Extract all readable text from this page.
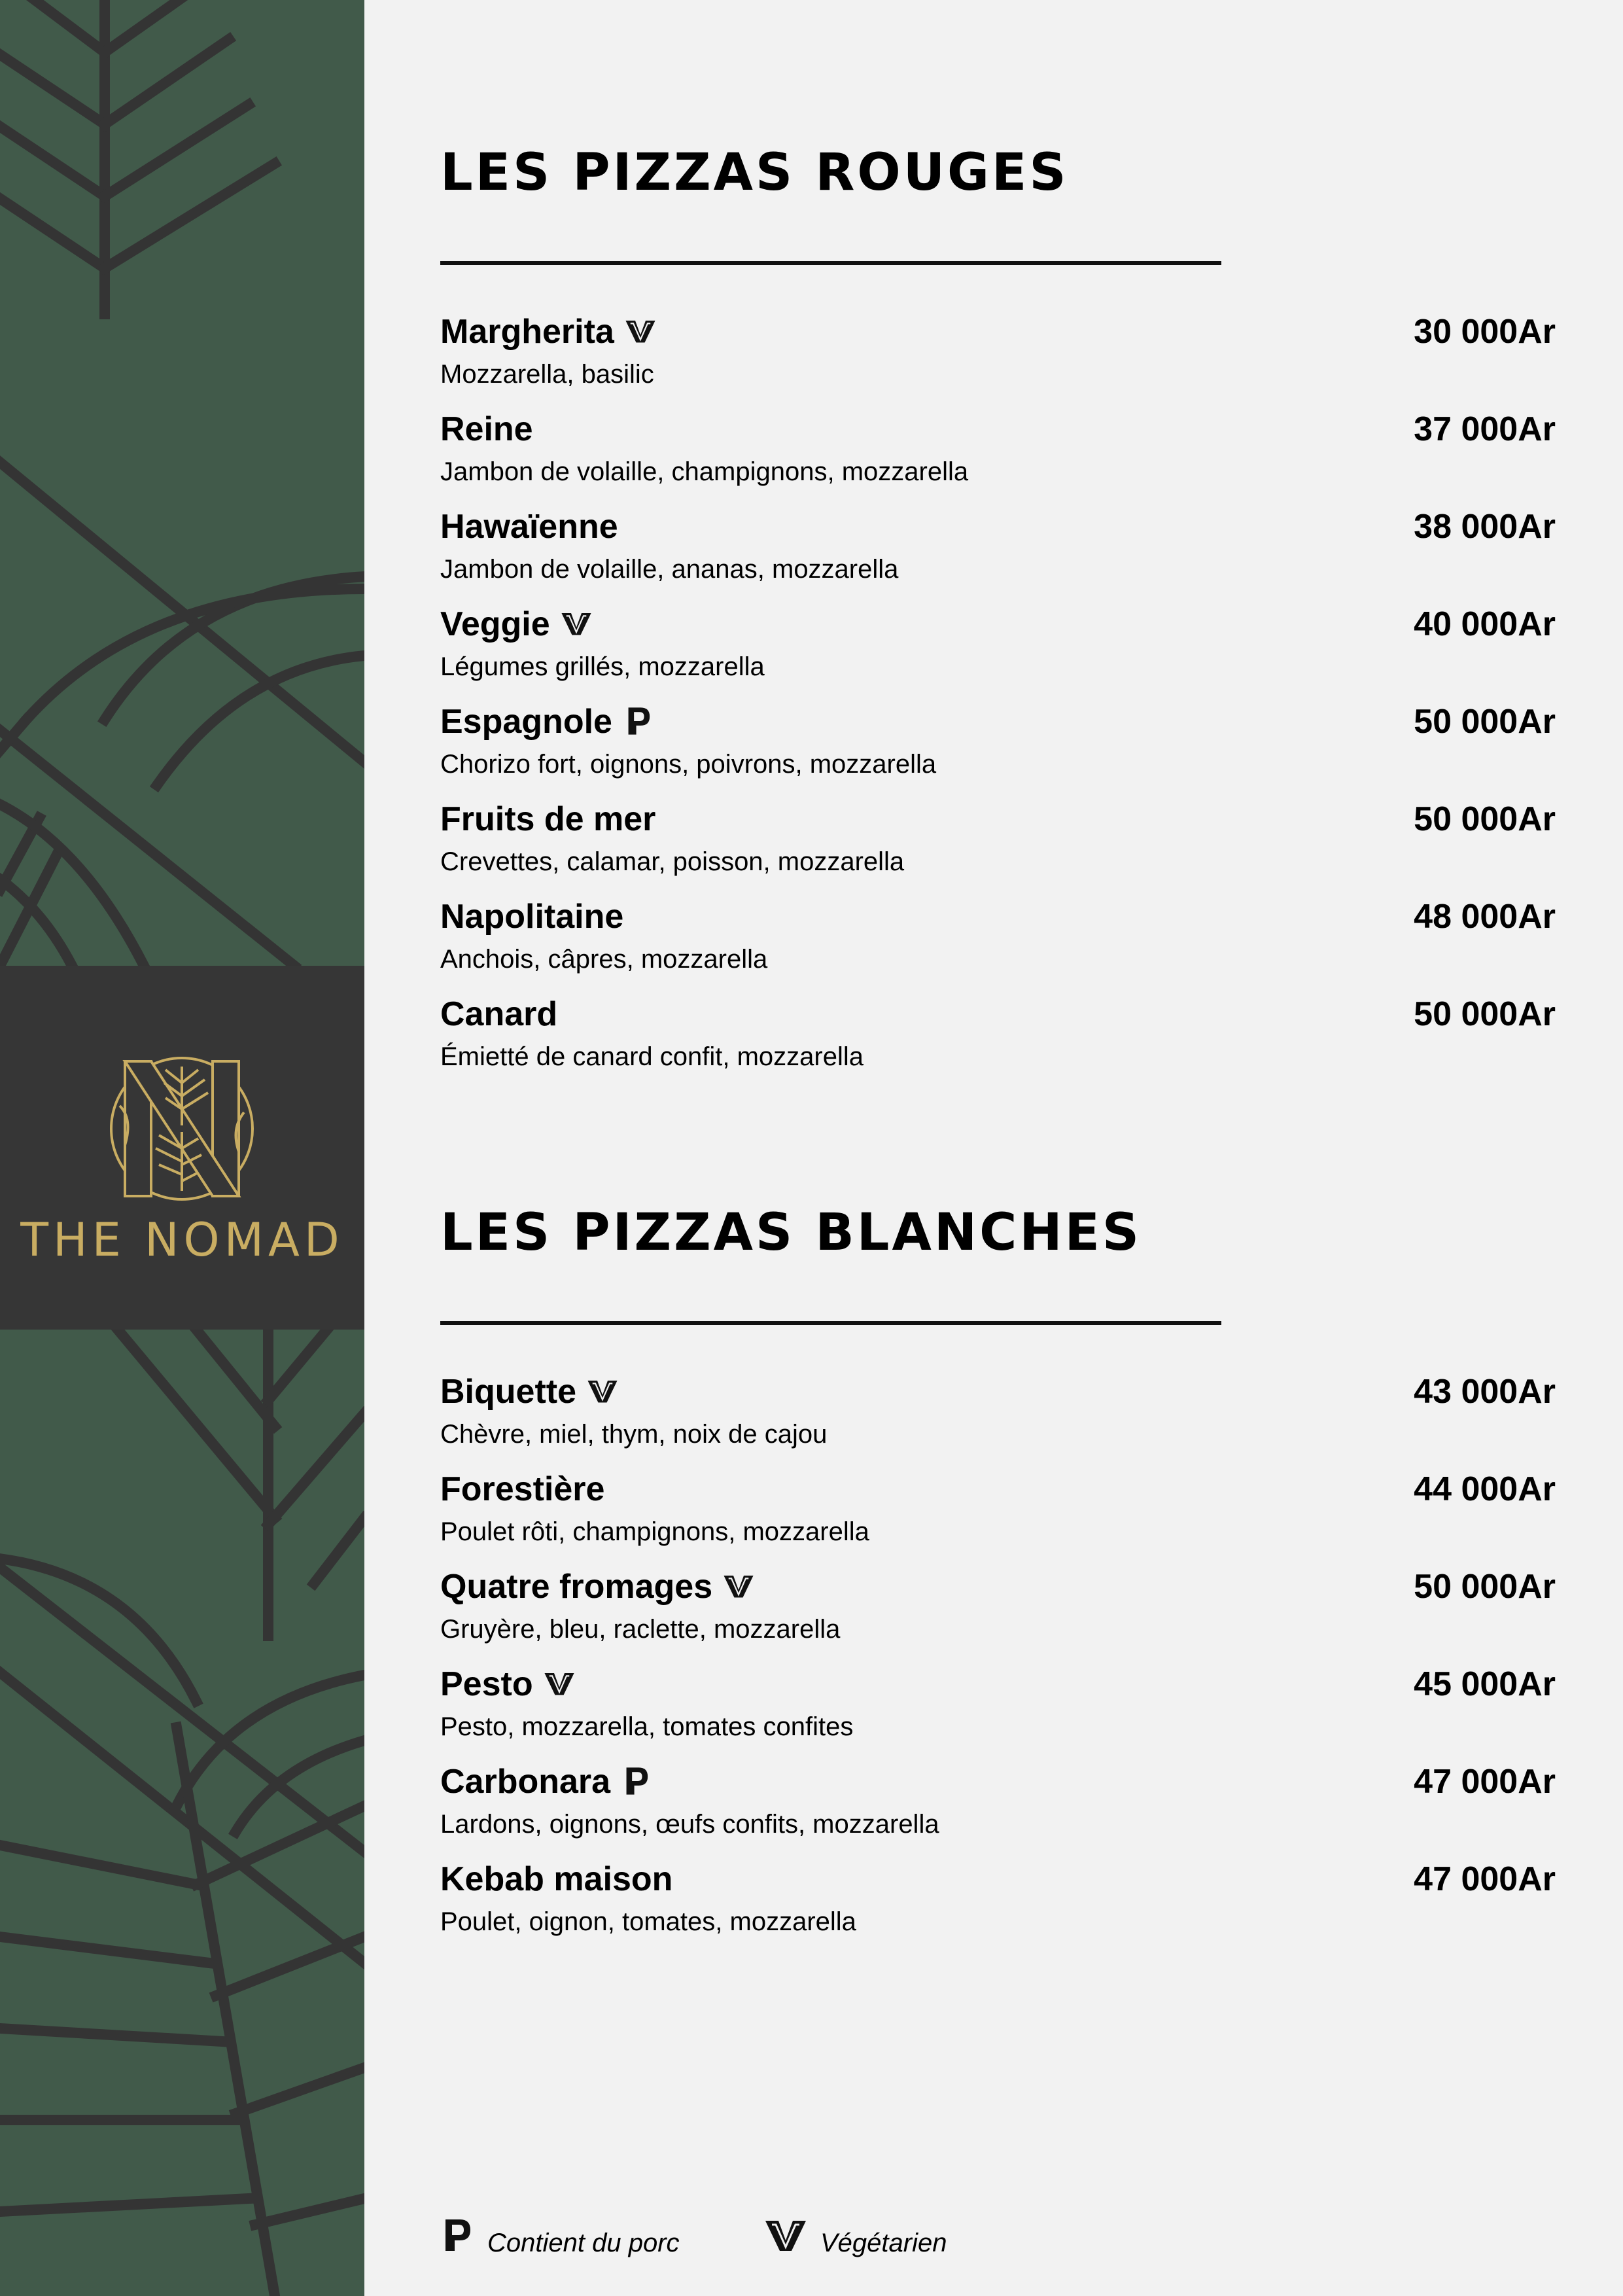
THE NOMAD
LES PIZZAS ROUGES
Margherita	30 000Ar
Mozzarella, basilic
Reine	37 000Ar
Jambon de volaille, champignons, mozzarella
Hawaïenne	38 000Ar
Jambon de volaille, ananas, mozzarella
Veggie	40 000Ar
Légumes grillés, mozzarella
Espagnole	50 000Ar
Chorizo fort, oignons, poivrons, mozzarella
Fruits de mer	50 000Ar
Crevettes, calamar, poisson, mozzarella
Napolitaine	48 000Ar
Anchois, câpres, mozzarella
Canard	50 000Ar
Émietté de canard confit, mozzarella
LES PIZZAS BLANCHES
Biquette	43 000Ar
Chèvre, miel, thym, noix de cajou
Forestière	44 000Ar
Poulet rôti, champignons, mozzarella
Quatre fromages	50 000Ar
Gruyère, bleu, raclette, mozzarella
Pesto	45 000Ar
Pesto, mozzarella, tomates confites
Carbonara	47 000Ar
Lardons, oignons, œufs confits, mozzarella
Kebab maison	47 000Ar
Poulet, oignon, tomates, mozzarella
Contient du porc	Végétarien
